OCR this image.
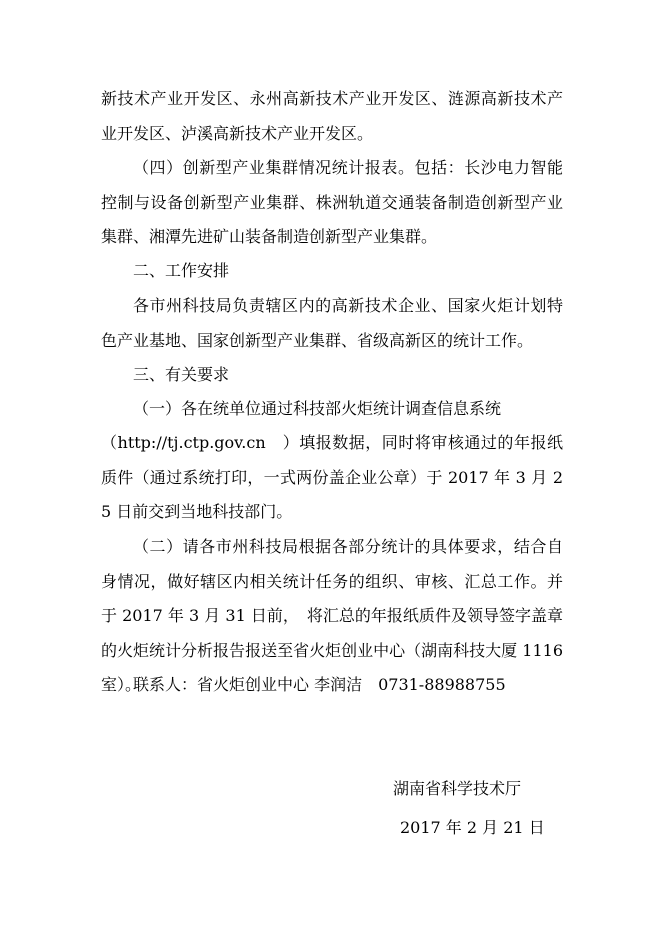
新技术产业开发区、永州高新技术产业开发区、涟源高新技术产业开发区、泸溪高新技术产业开发区。

（四）创新型产业集群情况统计报表。包括：长沙电力智能控制与设备创新型产业集群、株洲轨道交通装备制造创新型产业集群、湘潭先进矿山装备制造创新型产业集群。

二、工作安排

各市州科技局负责辖区内的高新技术企业、国家火炬计划特色产业基地、国家创新型产业集群、省级高新区的统计工作。

三、有关要求

（一）各在统单位通过科技部火炬统计调查信息系统

（http://tj.ctp.gov.cn　）填报数据，同时将审核通过的年报纸质件（通过系统打印，一式两份盖企业公章）于 2017 年 3 月 25 日前交到当地科技部门。

（二）请各市州科技局根据各部分统计的具体要求，结合自身情况，做好辖区内相关统计任务的组织、审核、汇总工作。并于 2017 年 3 月 31 日前，　将汇总的年报纸质件及领导签字盖章的火炬统计分析报告报送至省火炬创业中心（湖南科技大厦 1116 室）。

联系人：省火炬创业中心 李润洁　0731-88988755

湖南省科学技术厅

2017 年 2 月 21 日
